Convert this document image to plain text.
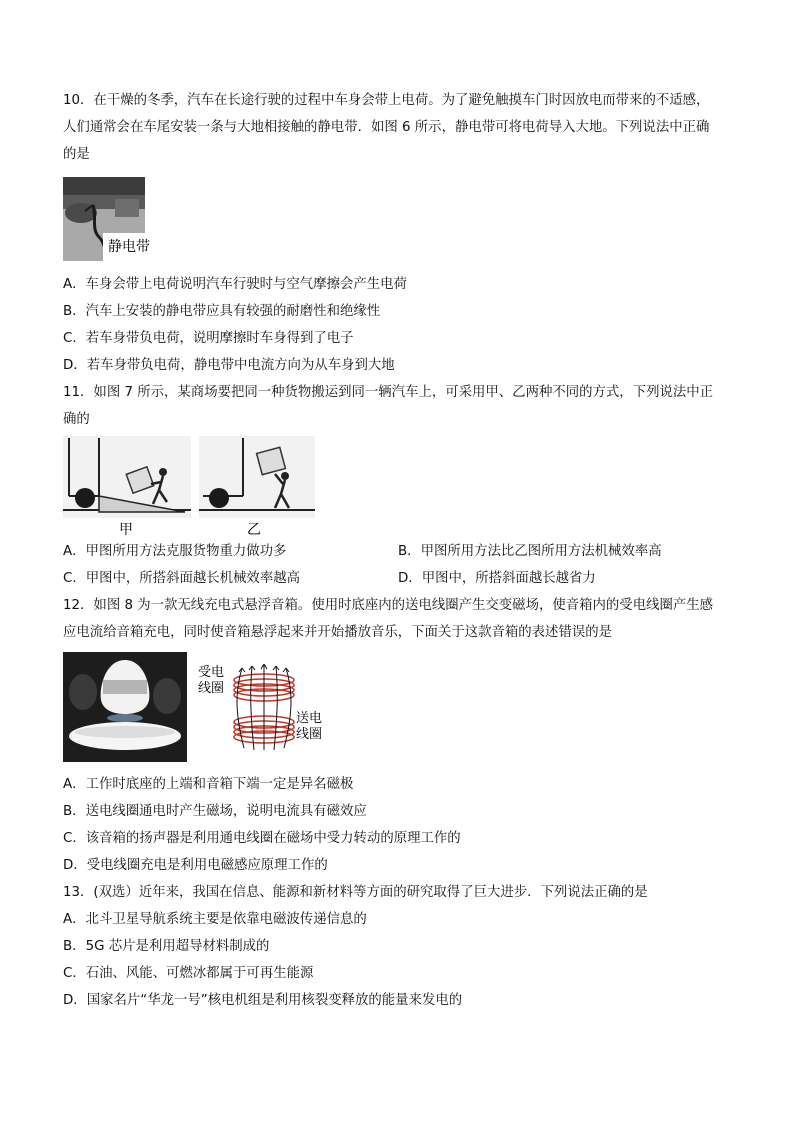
10．在干燥的冬季，汽车在长途行驶的过程中车身会带上电荷。为了避免触摸车门时因放电而带来的不适感，
人们通常会在车尾安装一条与大地相接触的静电带．如图 6 所示，静电带可将电荷导入大地。下列说法中正确
的是
静电带
A．车身会带上电荷说明汽车行驶时与空气摩擦会产生电荷
B．汽车上安装的静电带应具有较强的耐磨性和绝缘性
C．若车身带负电荷，说明摩擦时车身得到了电子
D．若车身带负电荷，静电带中电流方向为从车身到大地
11．如图 7 所示，某商场要把同一种货物搬运到同一辆汽车上，可采用甲、乙两种不同的方式，下列说法中正
确的
甲	乙
A．甲图所用方法克服货物重力做功多	B．甲图所用方法比乙图所用方法机械效率高
C．甲图中，所搭斜面越长机械效率越高	D．甲图中，所搭斜面越长越省力
12．如图 8 为一款无线充电式悬浮音箱。使用时底座内的送电线圈产生交变磁场，使音箱内的受电线圈产生感
应电流给音箱充电，同时使音箱悬浮起来并开始播放音乐，下面关于这款音箱的表述错误的是
受电
线圈
送电
线圈
A．工作时底座的上端和音箱下端一定是异名磁极
B．送电线圈通电时产生磁场，说明电流具有磁效应
C．该音箱的扬声器是利用通电线圈在磁场中受力转动的原理工作的
D．受电线圈充电是利用电磁感应原理工作的
13．(双选）近年来，我国在信息、能源和新材料等方面的研究取得了巨大进步．下列说法正确的是
A．北斗卫星导航系统主要是依靠电磁波传递信息的
B．5G 芯片是利用超导材料制成的
C．石油、风能、可燃冰都属于可再生能源
D．国家名片“华龙一号”核电机组是利用核裂变释放的能量来发电的
